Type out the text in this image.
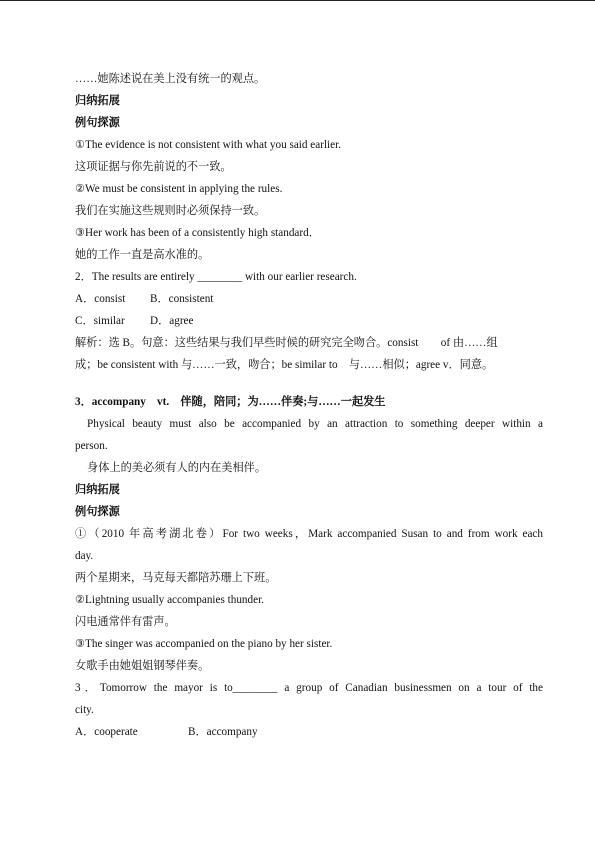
……她陈述说在美上没有统一的观点。
归纳拓展
例句探源
①The evidence is not consistent with what you said earlier.
这项证据与你先前说的不一致。
②We must be consistent in applying the rules.
我们在实施这些规则时必须保持一致。
③Her work has been of a consistently high standard．
她的工作一直是高水准的。
2．The results are entirely ________ with our earlier research.
A．consist B．consistent
C．similar D．agree
解析：选 B。句意：这些结果与我们早些时候的研究完全吻合。consist　　of 由……组
成；be consistent with 与……一致，吻合；be similar to　与……相似；agree v．同意。
3．accompany　vt.　伴随，陪同；为……伴奏;与……一起发生
Physical beauty must also be accompanied by an attraction to something deeper within a
person.
身体上的美必须有人的内在美相伴。
归纳拓展
例句探源
①（2010 年高考湖北卷）For two weeks，Mark accompanied Susan to and from work each
day.
两个星期来，马克每天都陪苏珊上下班。
②Lightning usually accompanies thunder.
闪电通常伴有雷声。
③The singer was accompanied on the piano by her sister.
女歌手由她姐姐钢琴伴奏。
3．Tomorrow the mayor is to________ a group of Canadian businessmen on a tour of the
city.
A．cooperate	B．accompany
